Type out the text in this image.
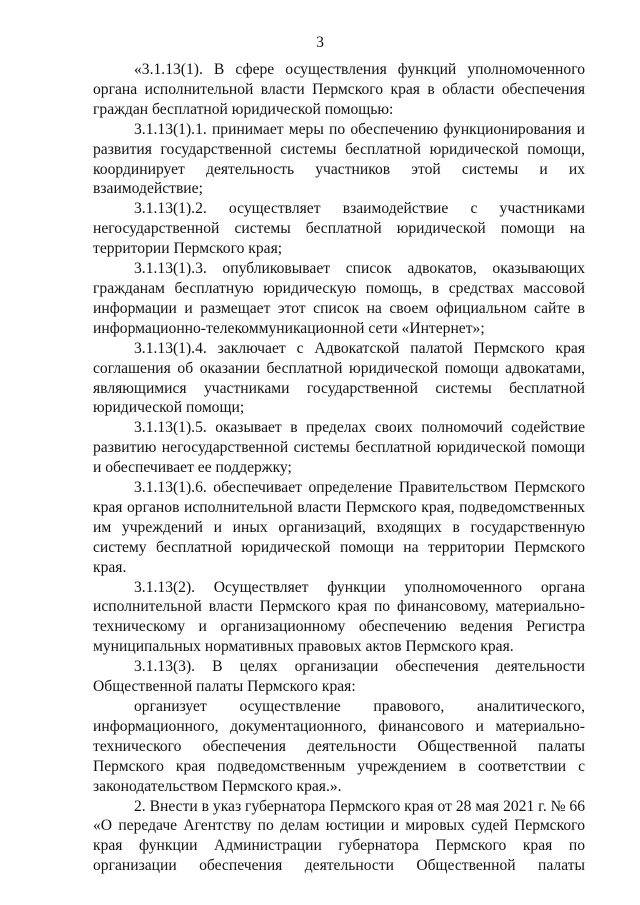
3

«3.1.13(1). В сфере осуществления функций уполномоченного органа исполнительной власти Пермского края в области обеспечения граждан бесплатной юридической помощью:

3.1.13(1).1. принимает меры по обеспечению функционирования и развития государственной системы бесплатной юридической помощи, координирует деятельность участников этой системы и их взаимодействие;

3.1.13(1).2. осуществляет взаимодействие с участниками негосударственной системы бесплатной юридической помощи на территории Пермского края;

3.1.13(1).3. опубликовывает список адвокатов, оказывающих гражданам бесплатную юридическую помощь, в средствах массовой информации и размещает этот список на своем официальном сайте в информационно-телекоммуникационной сети «Интернет»;

3.1.13(1).4. заключает с Адвокатской палатой Пермского края соглашения об оказании бесплатной юридической помощи адвокатами, являющимися участниками государственной системы бесплатной юридической помощи;

3.1.13(1).5. оказывает в пределах своих полномочий содействие развитию негосударственной системы бесплатной юридической помощи и обеспечивает ее поддержку;

3.1.13(1).6. обеспечивает определение Правительством Пермского края органов исполнительной власти Пермского края, подведомственных им учреждений и иных организаций, входящих в государственную систему бесплатной юридической помощи на территории Пермского края.

3.1.13(2). Осуществляет функции уполномоченного органа исполнительной власти Пермского края по финансовому, материально-техническому и организационному обеспечению ведения Регистра муниципальных нормативных правовых актов Пермского края.

3.1.13(3). В целях организации обеспечения деятельности Общественной палаты Пермского края:

организует осуществление правового, аналитического, информационного, документационного, финансового и материально-технического обеспечения деятельности Общественной палаты Пермского края подведомственным учреждением в соответствии с законодательством Пермского края.».

2. Внести в указ губернатора Пермского края от 28 мая 2021 г. № 66 «О передаче Агентству по делам юстиции и мировых судей Пермского края функции Администрации губернатора Пермского края по организации обеспечения деятельности Общественной палаты
